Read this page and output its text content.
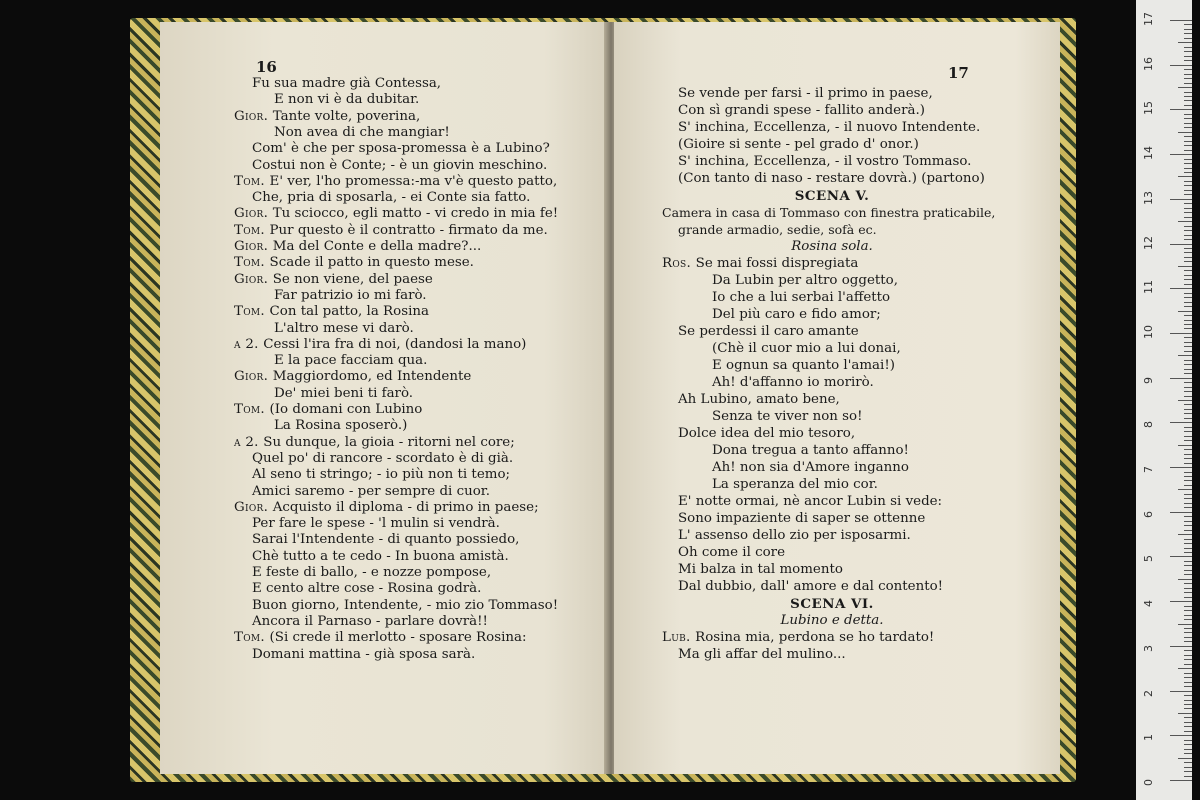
16
Fu sua madre già Contessa,
E non vi è da dubitar.
Gior. Tante volte, poverina,
Non avea di che mangiar!
Com' è che per sposa-promessa è a Lubino?
Costui non è Conte; - è un giovin meschino.
Tom. E' ver, l'ho promessa:-ma v'è questo patto,
Che, pria di sposarla, - ei Conte sia fatto.
Gior. Tu sciocco, egli matto - vi credo in mia fe!
Tom. Pur questo è il contratto - firmato da me.
Gior. Ma del Conte e della madre?...
Tom. Scade il patto in questo mese.
Gior. Se non viene, del paese
Far patrizio io mi farò.
Tom. Con tal patto, la Rosina
L'altro mese vi darò.
a 2. Cessi l'ira fra di noi, (dandosi la mano)
E la pace facciam qua.
Gior. Maggiordomo, ed Intendente
De' miei beni ti farò.
Tom. (Io domani con Lubino
La Rosina sposerò.)
a 2. Su dunque, la gioia - ritorni nel core;
Quel po' di rancore - scordato è di già.
Al seno ti stringo; - io più non ti temo;
Amici saremo - per sempre di cuor.
Gior. Acquisto il diploma - di primo in paese;
Per fare le spese - 'l mulin si vendrà.
Sarai l'Intendente - di quanto possiedo,
Chè tutto a te cedo - In buona amistà.
E feste di ballo, - e nozze pompose,
E cento altre cose - Rosina godrà.
Buon giorno, Intendente, - mio zio Tommaso!
Ancora il Parnaso - parlare dovrà!!
Tom. (Si crede il merlotto - sposare Rosina:
Domani mattina - già sposa sarà.
17
Se vende per farsi - il primo in paese,
Con sì grandi spese - fallito anderà.)
S' inchina, Eccellenza, - il nuovo Intendente.
(Gioire si sente - pel grado d' onor.)
S' inchina, Eccellenza, - il vostro Tommaso.
(Con tanto di naso - restare dovrà.) (partono)
SCENA V.
Camera in casa di Tommaso con finestra praticabile,
grande armadio, sedie, sofà ec.
Rosina sola.
Ros. Se mai fossi dispregiata
Da Lubin per altro oggetto,
Io che a lui serbai l'affetto
Del più caro e fido amor;
Se perdessi il caro amante
(Chè il cuor mio a lui donai,
E ognun sa quanto l'amai!)
Ah! d'affanno io morirò.
Ah Lubino, amato bene,
Senza te viver non so!
Dolce idea del mio tesoro,
Dona tregua a tanto affanno!
Ah! non sia d'Amore inganno
La speranza del mio cor.
E' notte ormai, nè ancor Lubin si vede:
Sono impaziente di saper se ottenne
L' assenso dello zio per isposarmi.
Oh come il core
Mi balza in tal momento
Dal dubbio, dall' amore e dal contento!
SCENA VI.
Lubino e detta.
Lub. Rosina mia, perdona se ho tardato!
Ma gli affar del mulino...
17
16
15
14
13
12
11
10
9
8
7
6
5
4
3
2
1
0
